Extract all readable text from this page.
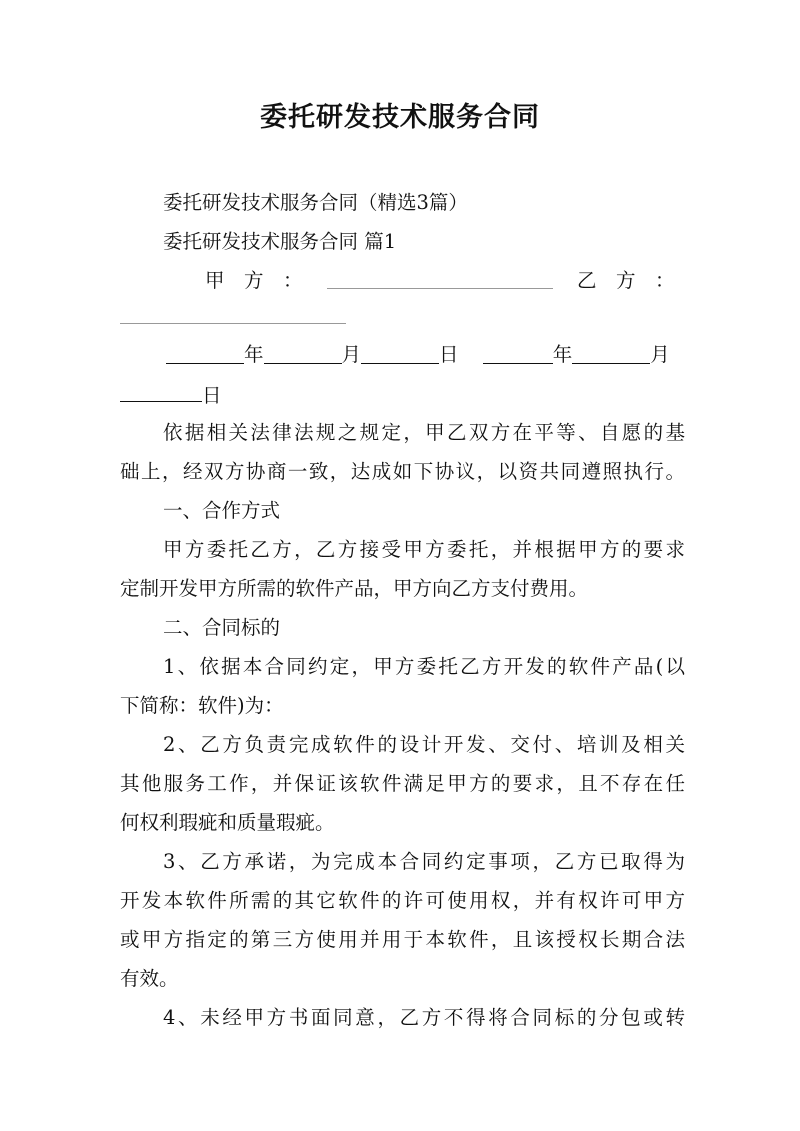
委托研发技术服务合同

委托研发技术服务合同（精选3篇）

委托研发技术服务合同 篇1

甲　方　：	乙　方　：
年	月	日	年	月
日

依据相关法律法规之规定，甲乙双方在平等、自愿的基

础上，经双方协商一致，达成如下协议，以资共同遵照执行。

一、合作方式

甲方委托乙方，乙方接受甲方委托，并根据甲方的要求

定制开发甲方所需的软件产品，甲方向乙方支付费用。

二、合同标的

1、依据本合同约定，甲方委托乙方开发的软件产品(以

下简称：软件)为：

2、乙方负责完成软件的设计开发、交付、培训及相关

其他服务工作，并保证该软件满足甲方的要求，且不存在任

何权利瑕疵和质量瑕疵。

3、乙方承诺，为完成本合同约定事项，乙方已取得为

开发本软件所需的其它软件的许可使用权，并有权许可甲方

或甲方指定的第三方使用并用于本软件，且该授权长期合法

有效。

4、未经甲方书面同意，乙方不得将合同标的分包或转
